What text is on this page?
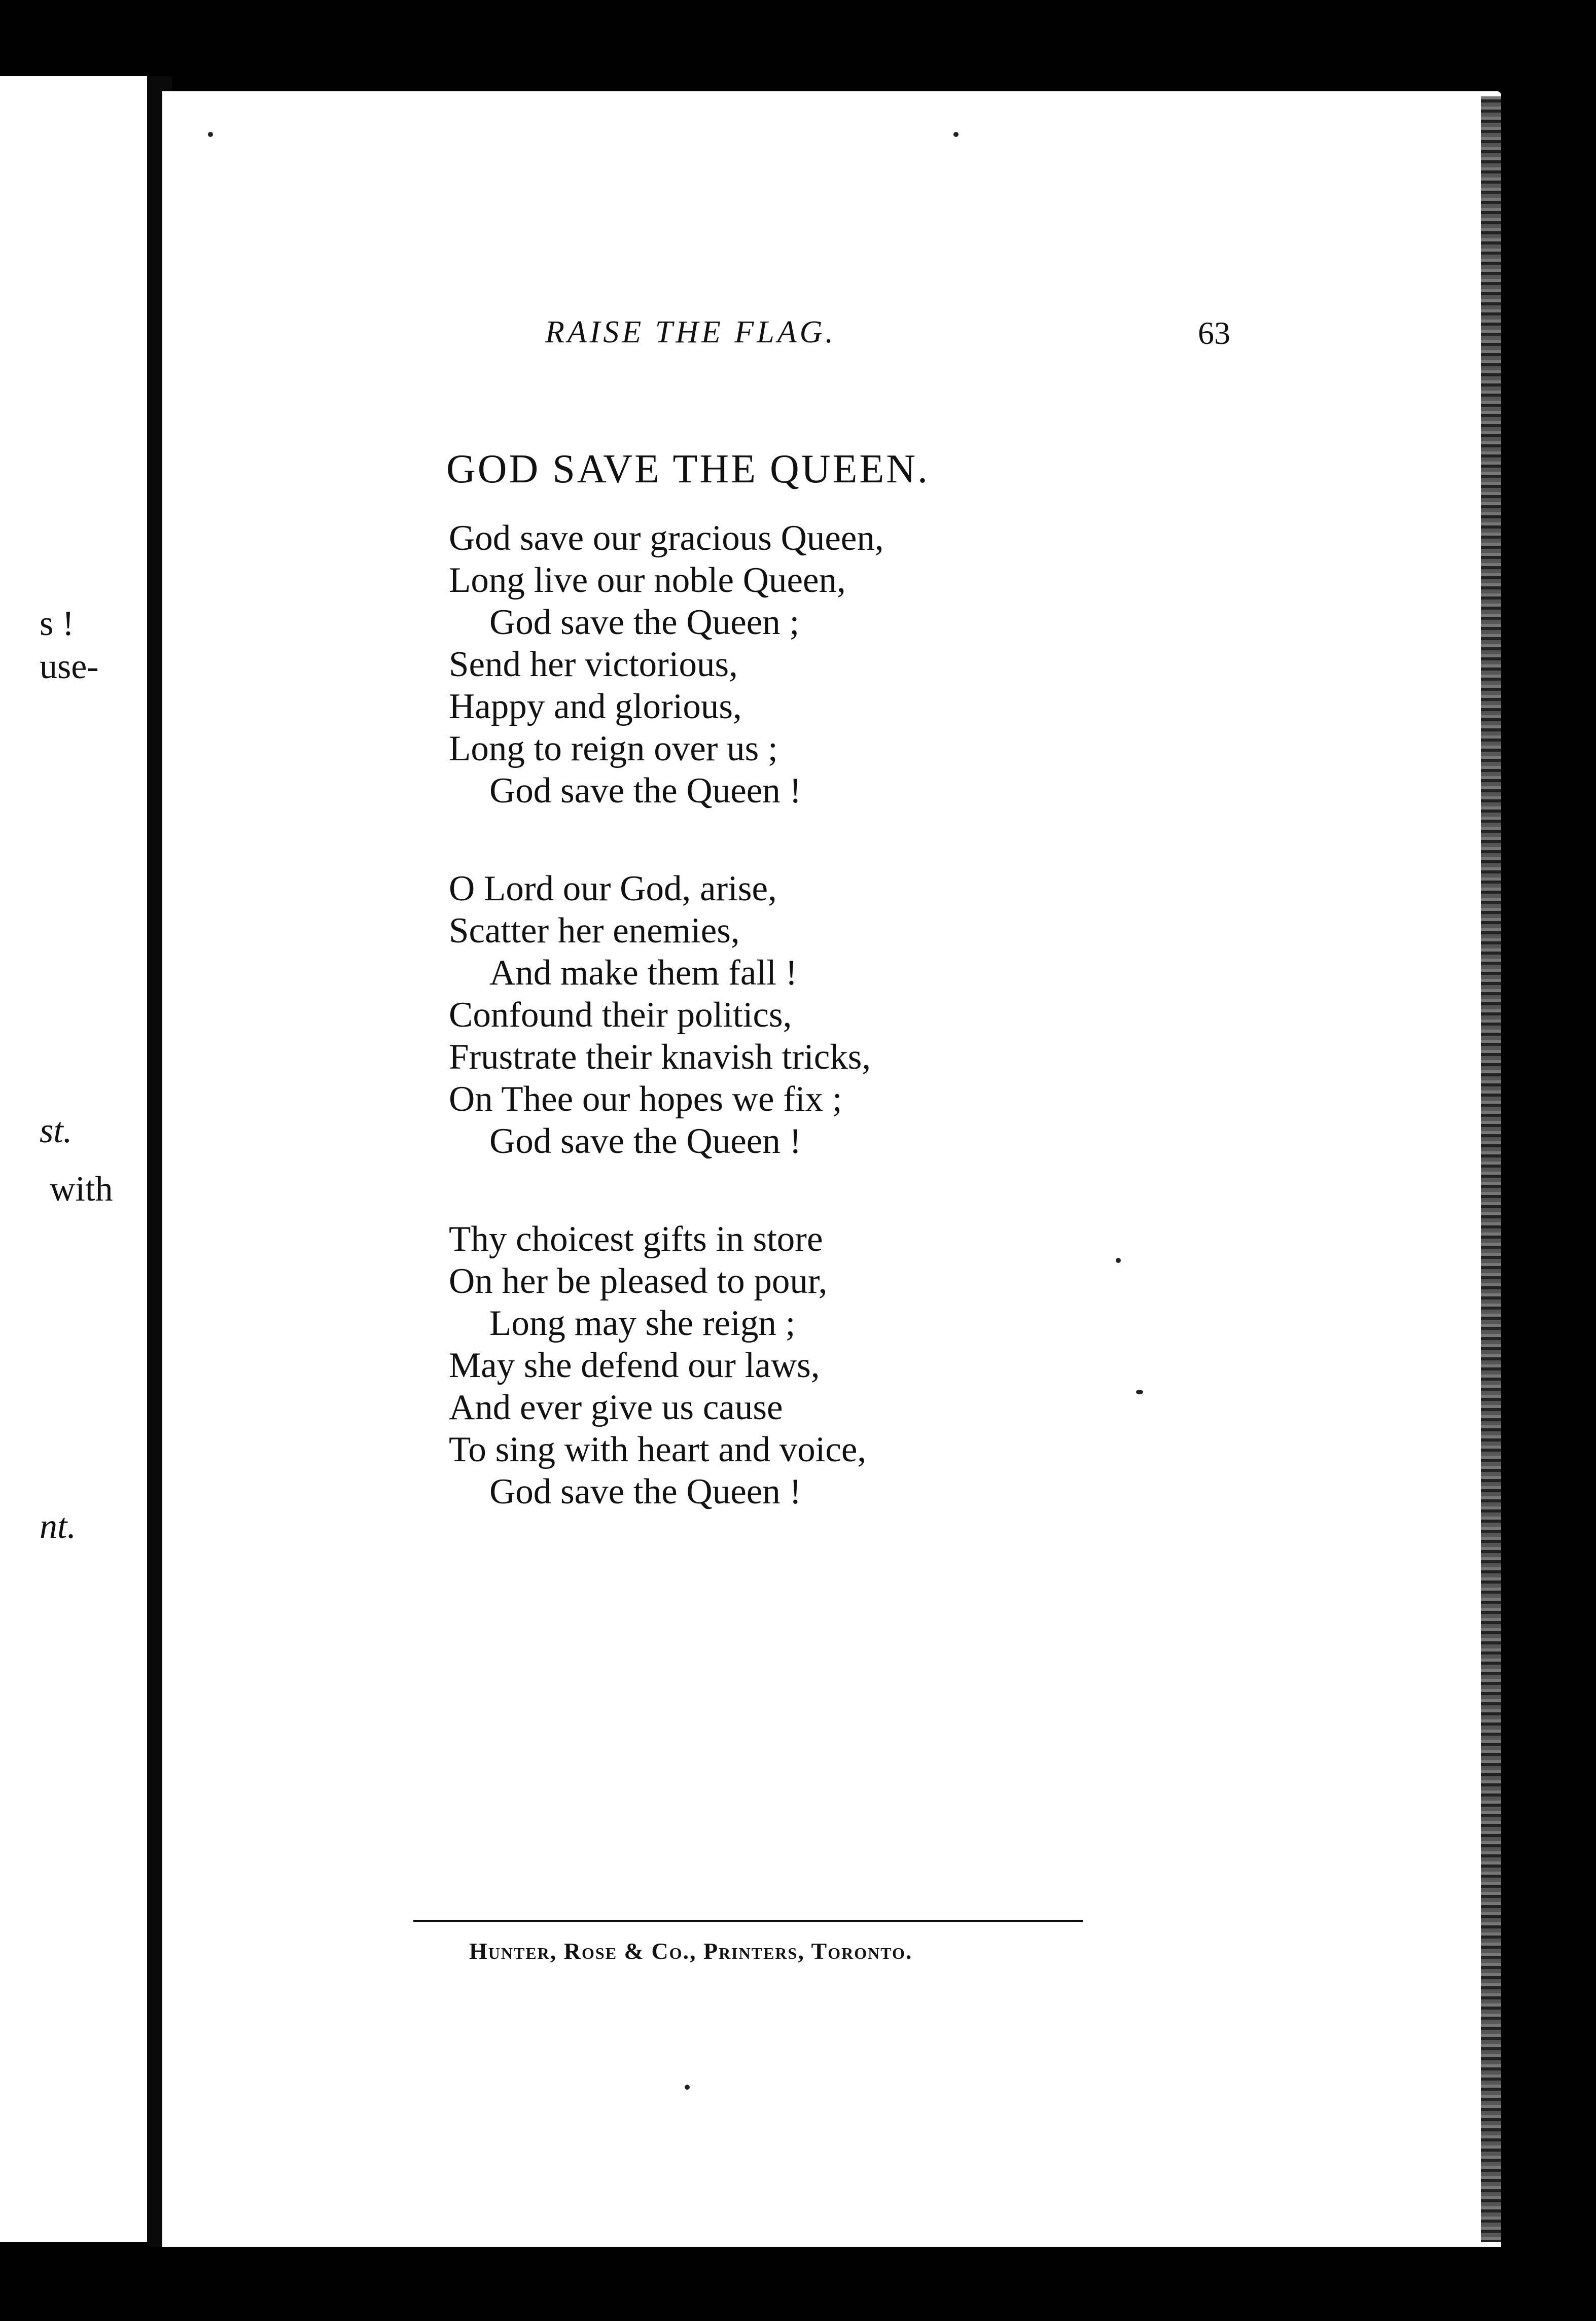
s !
use-
st.
with
nt.
RAISE THE FLAG.	63
GOD SAVE THE QUEEN.
God save our gracious Queen,
Long live our noble Queen,
God save the Queen ;
Send her victorious,
Happy and glorious,
Long to reign over us ;
God save the Queen !
O Lord our God, arise,
Scatter her enemies,
And make them fall !
Confound their politics,
Frustrate their knavish tricks,
On Thee our hopes we fix ;
God save the Queen !
Thy choicest gifts in store
On her be pleased to pour,
Long may she reign ;
May she defend our laws,
And ever give us cause
To sing with heart and voice,
God save the Queen !
Hunter, Rose & Co., Printers, Toronto.
